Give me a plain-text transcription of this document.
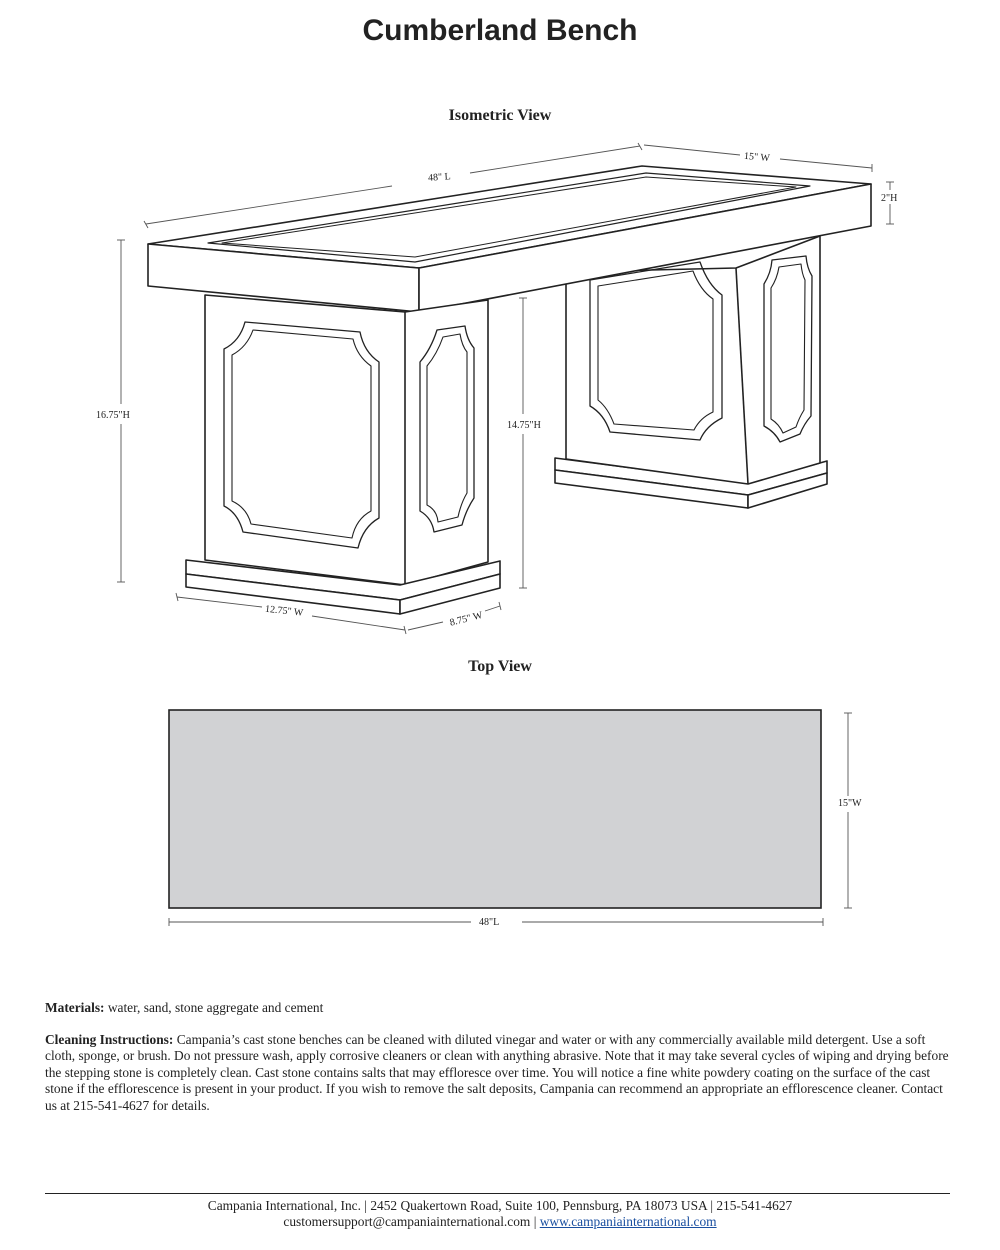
Cumberland Bench
Isometric View
48" L
15" W
2"H
16.75"H
14.75"H
12.75" W	8.75" W
Top View
15"W
48"L
Materials: water, sand, stone aggregate and cement
Cleaning Instructions: Campania’s cast stone benches can be cleaned with diluted vinegar and water or with any commercially available mild detergent. Use a soft cloth, sponge, or brush. Do not pressure wash, apply corrosive cleaners or clean with anything abrasive. Note that it may take several cycles of wiping and drying before the stepping stone is completely clean. Cast stone contains salts that may effloresce over time. You will notice a fine white powdery coating on the surface of the cast stone if the efflorescence is present in your product. If you wish to remove the salt deposits, Campania can recommend an appropriate an efflorescence cleaner. Contact us at 215-541-4627 for details.
Campania International, Inc. | 2452 Quakertown Road, Suite 100, Pennsburg, PA 18073 USA | 215-541-4627
customersupport@campaniainternational.com | www.campaniainternational.com
